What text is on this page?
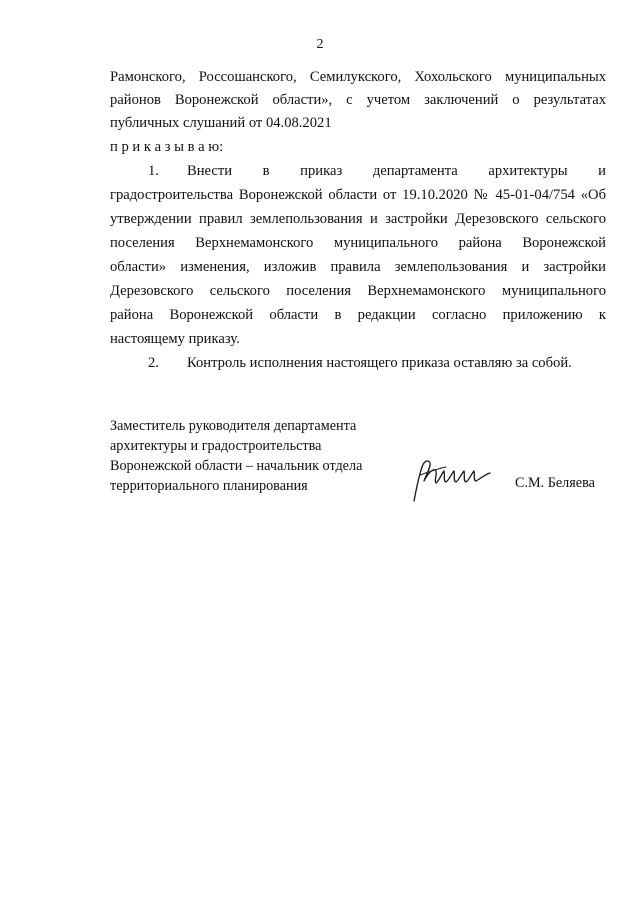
2
Рамонского, Россошанского, Семилукского, Хохольского муниципальных
районов Воронежской области», с учетом заключений о результатах
публичных слушаний от 04.08.2021
п р и к а з ы в а ю:
1. Внести в приказ департамента архитектуры и
градостроительства Воронежской области от 19.10.2020 № 45-01-04/754 «Об
утверждении правил землепользования и застройки Дерезовского сельского
поселения Верхнемамонского муниципального района Воронежской
области» изменения, изложив правила землепользования и застройки
Дерезовского сельского поселения Верхнемамонского муниципального
района Воронежской области в редакции согласно приложению к
настоящему приказу.
2. Контроль исполнения настоящего приказа оставляю за собой.
Заместитель руководителя департамента
архитектуры и градостроительства
Воронежской области – начальник отдела
территориального планирования	С.М. Беляева
